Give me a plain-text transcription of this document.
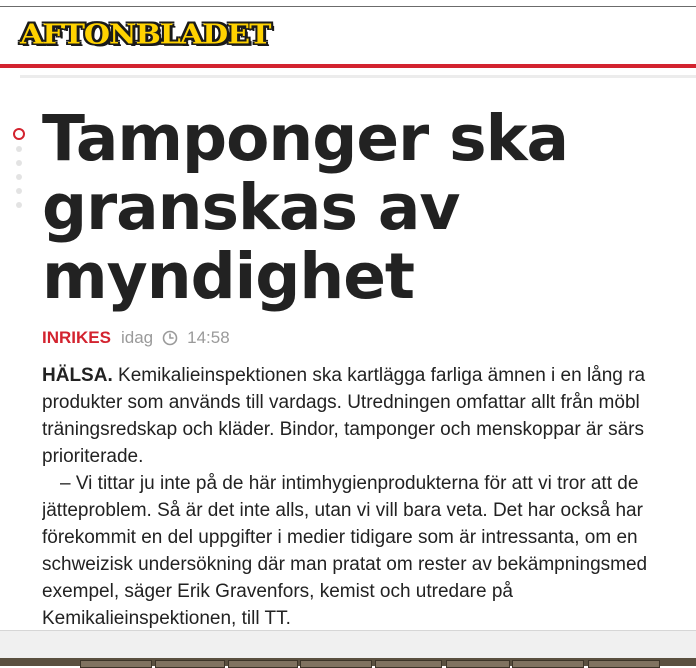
AFTONBLADET
Tamponger ska
granskas av
myndighet
INRIKES idag 14:58

HÄLSA. Kemikalieinspektionen ska kartlägga farliga ämnen i en lång ra
produkter som används till vardags. Utredningen omfattar allt från möbl
träningsredskap och kläder. Bindor, tamponger och menskoppar är särs
prioriterade.

– Vi tittar ju inte på de här intimhygienprodukterna för att vi tror att de
jätteproblem. Så är det inte alls, utan vi vill bara veta. Det har också har
förekommit en del uppgifter i medier tidigare som är intressanta, om en
schweizisk undersökning där man pratat om rester av bekämpningsmed
exempel, säger Erik Gravenfors, kemist och utredare på
Kemikalieinspektionen, till TT.
